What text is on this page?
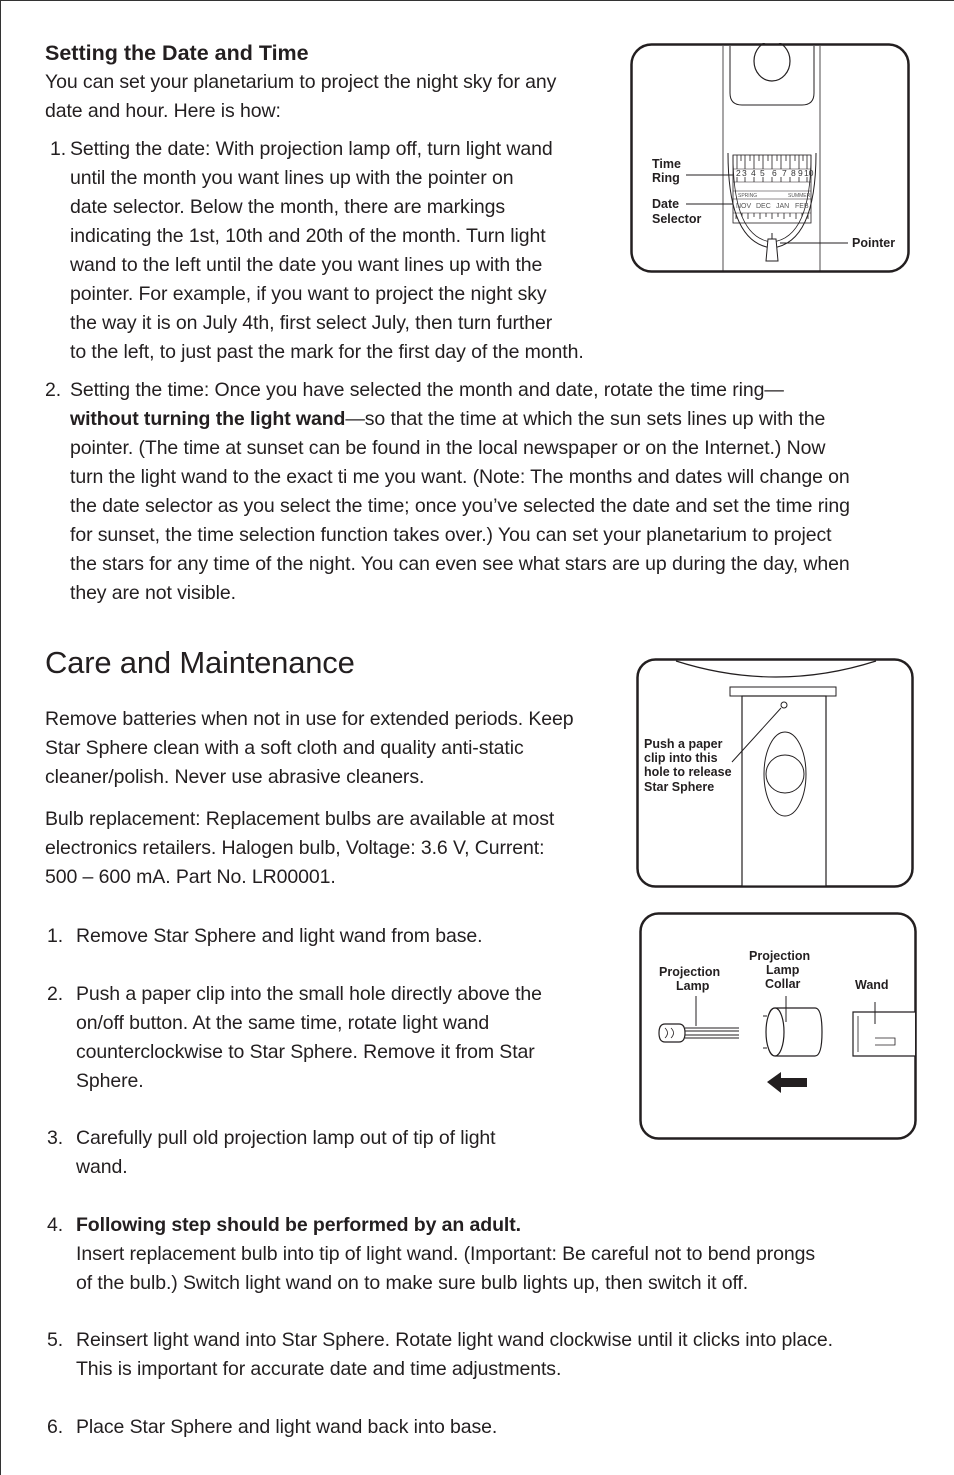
Setting the Date and Time
You can set your planetarium to project the night sky for any
date and hour. Here is how:
1. Setting the date: With projection lamp off, turn light wand
until the month you want lines up with the pointer on
date selector. Below the month, there are markings
indicating the 1st, 10th and 20th of the month. Turn light
wand to the left until the date you want lines up with the
pointer. For example, if you want to project the night sky
the way it is on July 4th, first select July, then turn further
to the left, to just past the mark for the first day of the month.
2. Setting the time: Once you have selected the month and date, rotate the time ring—
without turning the light wand—so that the time at which the sun sets lines up with the
pointer. (The time at sunset can be found in the local newspaper or on the Internet.) Now
turn the light wand to the exact ti me you want. (Note: The months and dates will change on
the date selector as you select the time; once you’ve selected the date and set the time ring
for sunset, the time selection function takes over.) You can set your planetarium to project
the stars for any time of the night. You can even see what stars are up during the day, when
they are not visible.
2 3 4 5 6 7 8 9 10
SPRING	SUMMER
NOV DEC JAN FEB
Time
Ring
Date
Selector
Pointer
Care and Maintenance
Remove batteries when not in use for extended periods. Keep
Star Sphere clean with a soft cloth and quality anti-static
cleaner/polish. Never use abrasive cleaners.
Bulb replacement: Replacement bulbs are available at most
electronics retailers. Halogen bulb, Voltage: 3.6 V, Current:
500 – 600 mA. Part No. LR00001.
1. Remove Star Sphere and light wand from base.
2. Push a paper clip into the small hole directly above the
on/off button. At the same time, rotate light wand
counterclockwise to Star Sphere. Remove it from Star
Sphere.
3. Carefully pull old projection lamp out of tip of light
wand.
4. Following step should be performed by an adult.
Insert replacement bulb into tip of light wand. (Important: Be careful not to bend prongs
of the bulb.) Switch light wand on to make sure bulb lights up, then switch it off.
5. Reinsert light wand into Star Sphere. Rotate light wand clockwise until it clicks into place.
This is important for accurate date and time adjustments.
6. Place Star Sphere and light wand back into base.
Push a paper
clip into this
hole to release
Star Sphere
Projection
Lamp
Projection
Lamp
Collar	Wand
